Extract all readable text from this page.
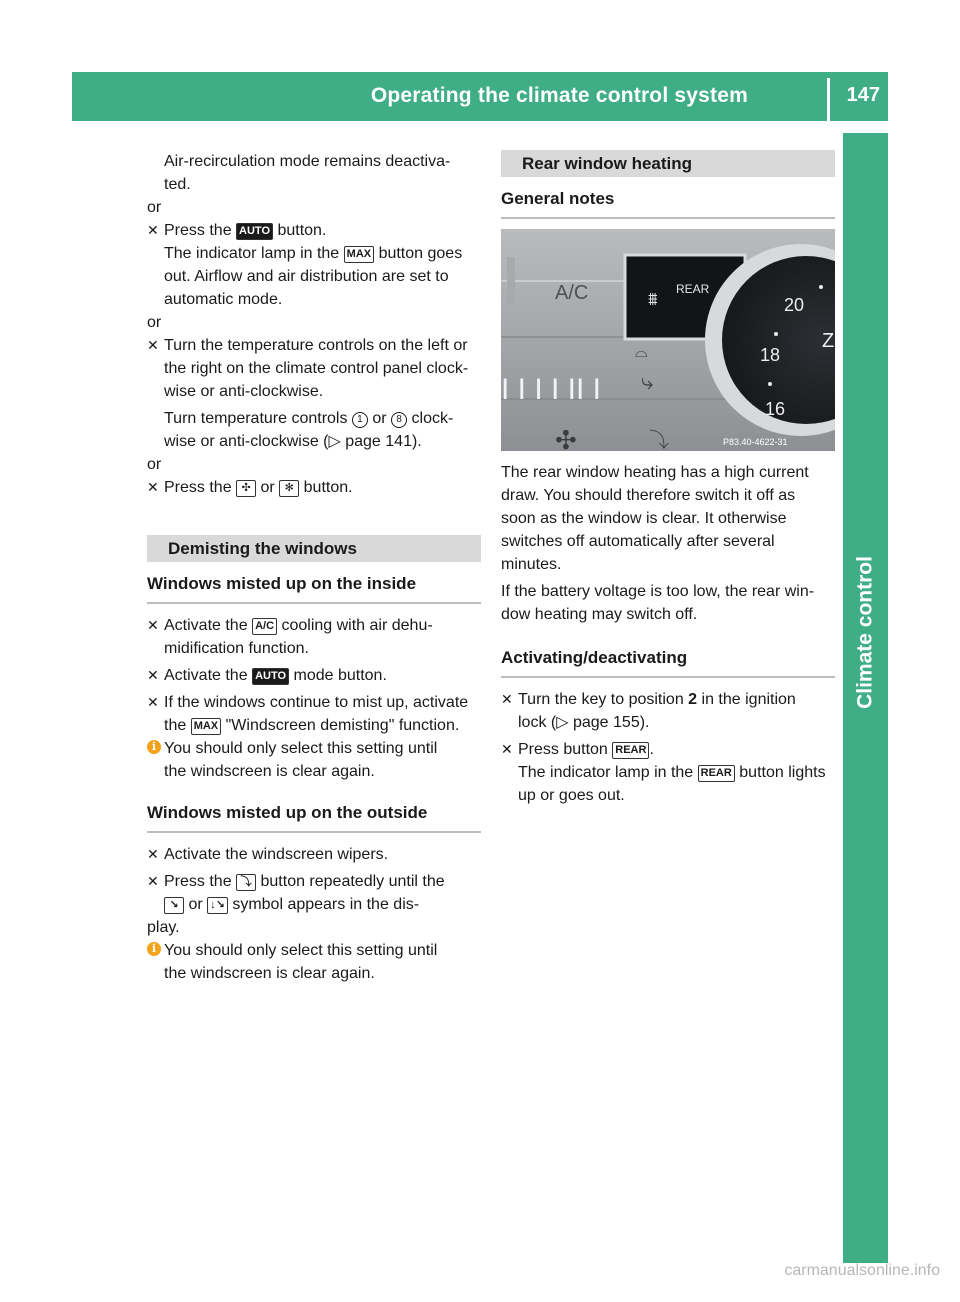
Operating the climate control system	147
Climate control

Air-recirculation mode remains deactiva-

ted.

or

✕ Press the AUTO button.

The indicator lamp in the MAX button goes

out. Airflow and air distribution are set to

automatic mode.

or

✕ Turn the temperature controls on the left or

the right on the climate control panel clock-

wise or anti-clockwise.

Turn temperature controls 1 or 8 clock-

wise or anti-clockwise (▷ page 141).

or

✕ Press the ✣ or ✻ button.

Demisting the windows
Windows misted up on the inside
✕ Activate the A/C cooling with air dehu-

midification function.

✕ Activate the AUTO mode button.

✕ If the windows continue to mist up, activate

the MAX "Windscreen demisting" function.

i You should only select this setting until

the windscreen is clear again.

Windows misted up on the outside
✕ Activate the windscreen wipers.

✕ Press the ⤵ button repeatedly until the

↘ or ↓↘ symbol appears in the dis-

play.

i You should only select this setting until

the windscreen is clear again.

Rear window heating
General notes
A/C	REAR
⩩
⌓
⤷
I I I I II I
✣	⤵
20
18
16
Z
P83.40-4622-31

The rear window heating has a high current

draw. You should therefore switch it off as

soon as the window is clear. It otherwise

switches off automatically after several

minutes.

If the battery voltage is too low, the rear win-

dow heating may switch off.

Activating/deactivating
✕ Turn the key to position 2 in the ignition

lock (▷ page 155).

✕ Press button REAR .

The indicator lamp in the REAR button lights

up or goes out.

carmanualsonline.info
